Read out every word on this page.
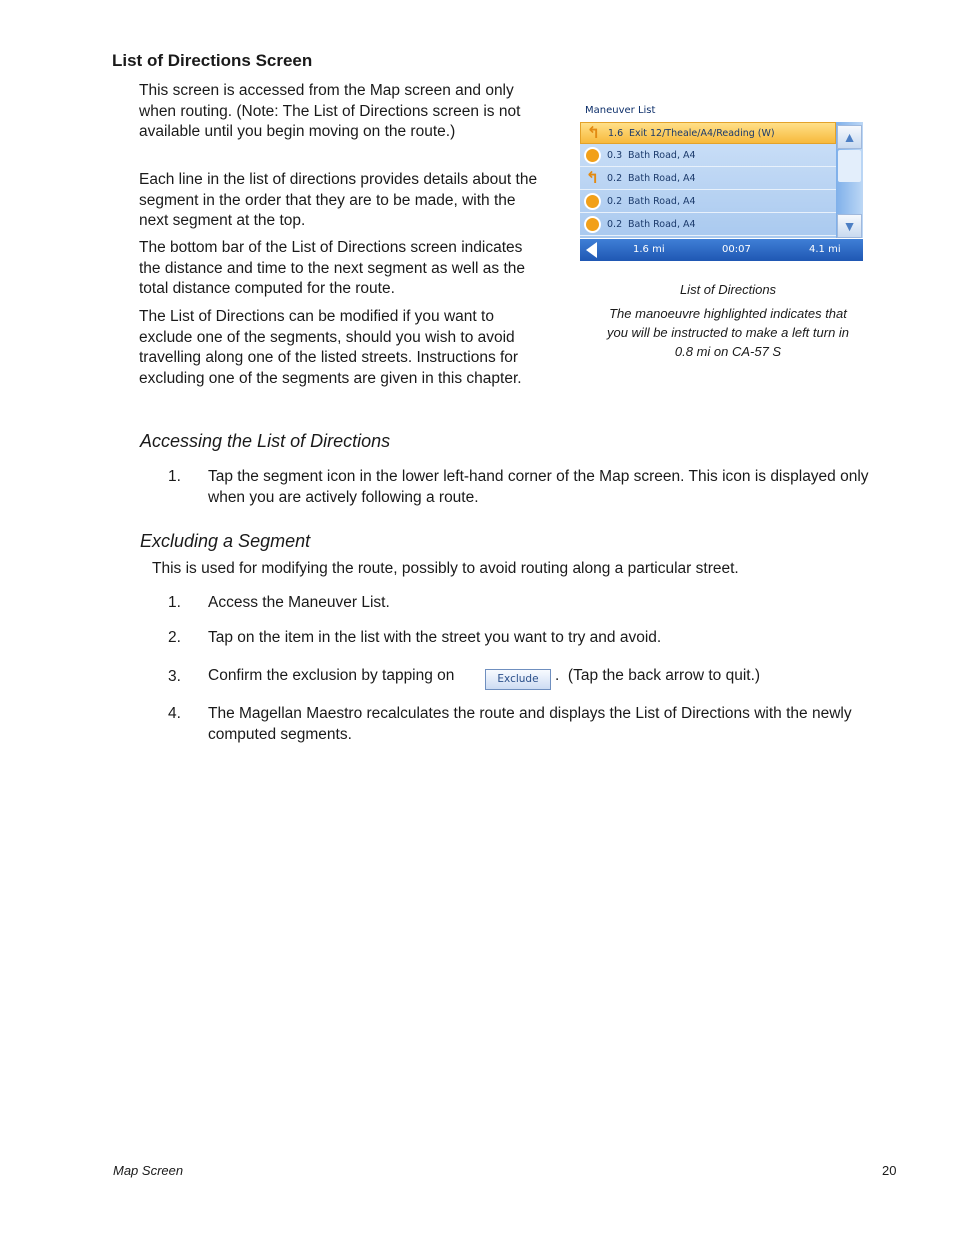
List of Directions Screen
This screen is accessed from the Map screen and only when routing. (Note: The List of Directions screen is not available until you begin moving on the route.)
Each line in the list of directions provides details about the segment in the order that they are to be made, with the next segment at the top.
The bottom bar of the List of Directions screen indicates the distance and time to the next segment as well as the total distance computed for the route.
The List of Directions can be modified if you want to exclude one of the segments, should you wish to avoid travelling along one of the listed streets. Instructions for excluding one of the segments are given in this chapter.
Maneuver List
↰ 1.6 Exit 12/Theale/A4/Reading (W)
0.3 Bath Road, A4
↰ 0.2 Bath Road, A4
0.2 Bath Road, A4
0.2 Bath Road, A4
▲
▼
1.6 mi	00:07	4.1 mi
List of Directions
The manoeuvre highlighted indicates that you will be instructed to make a left turn in 0.8 mi on CA-57 S
Accessing the List of Directions
1. Tap the segment icon in the lower left-hand corner of the Map screen. This icon is displayed only when you are actively following a route.
Excluding a Segment
This is used for modifying the route, possibly to avoid routing along a particular street.
1. Access the Maneuver List.
2. Tap on the item in the list with the street you want to try and avoid.
3. Confirm the exclusion by tapping on	Exclude	.  (Tap the back arrow to quit.)
4. The Magellan Maestro recalculates the route and displays the List of Directions with the newly computed segments.
Map Screen	20
